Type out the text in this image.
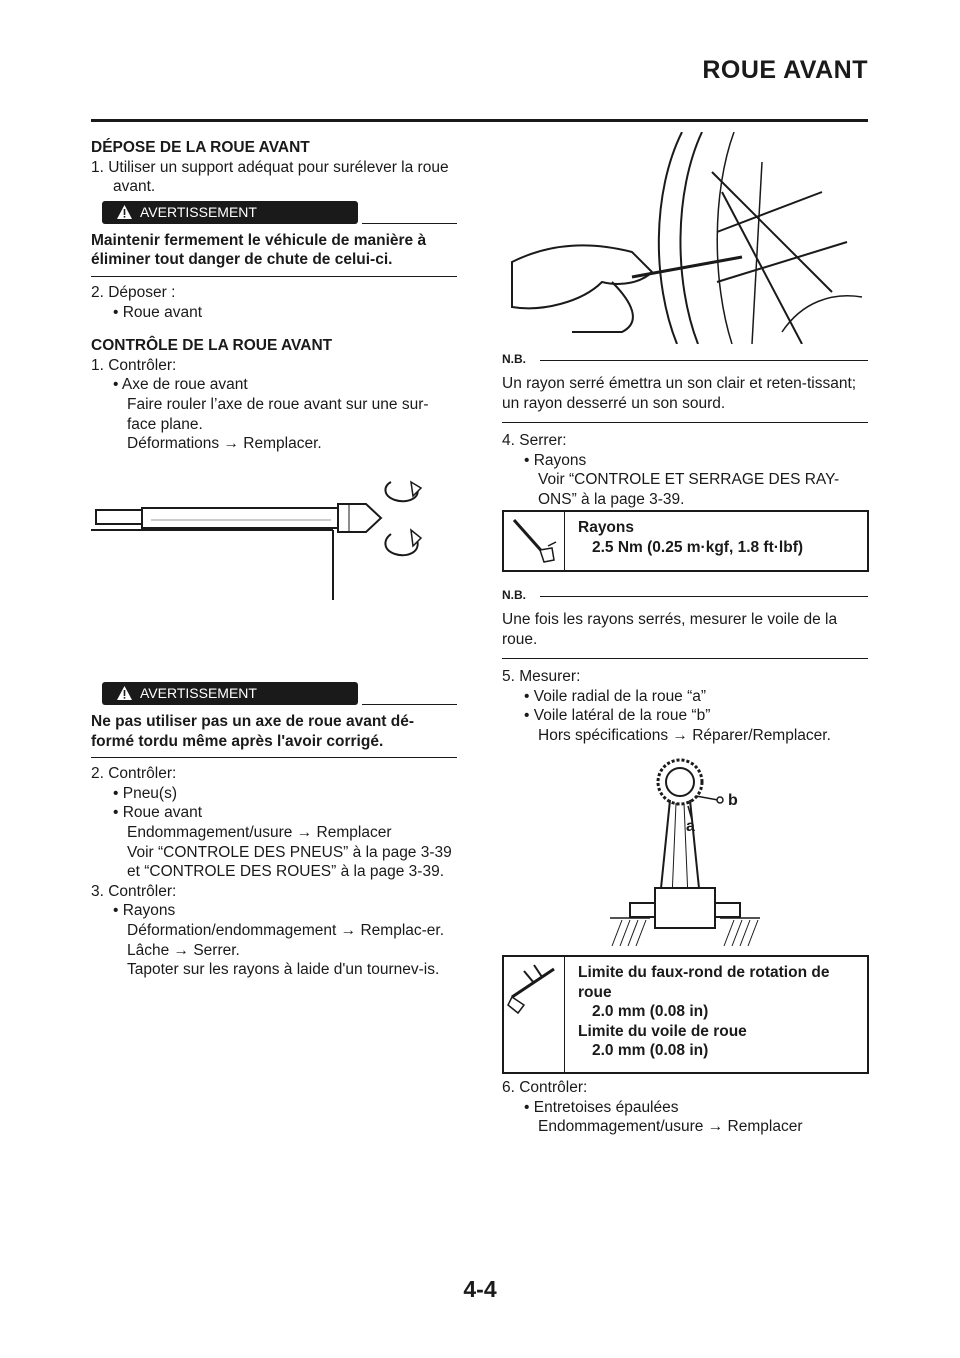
ROUE AVANT
DÉPOSE DE LA ROUE AVANT
1. Utiliser un support adéquat pour surélever la roue avant.
AVERTISSEMENT
Maintenir fermement le véhicule de manière à éliminer tout danger de chute de celui-ci.
2. Déposer :
• Roue avant
CONTRÔLE DE LA ROUE AVANT
1. Contrôler:
• Axe de roue avant
Faire rouler l’axe de roue avant sur une sur-face plane.
Déformations → Remplacer.
AVERTISSEMENT
Ne pas utiliser pas un axe de roue avant dé-formé tordu même après l'avoir corrigé.
2. Contrôler:
• Pneu(s)
• Roue avant
Endommagement/usure → Remplacer
Voir “CONTROLE DES PNEUS” à la page 3-39 et “CONTROLE DES ROUES” à la page 3-39.
3. Contrôler:
• Rayons
Déformation/endommagement → Remplac-er.
Lâche → Serrer.
Tapoter sur les rayons à laide d'un tournev-is.
N.B.
Un rayon serré émettra un son clair et reten-tissant; un rayon desserré un son sourd.
4. Serrer:
• Rayons
Voir “CONTROLE ET SERRAGE DES RAY-ONS” à la page 3-39.
Rayons
2.5 Nm (0.25 m·kgf, 1.8 ft·lbf)
N.B.
Une fois les rayons serrés, mesurer le voile de la roue.
5. Mesurer:
• Voile radial de la roue “a”
• Voile latéral de la roue “b”
Hors spécifications → Réparer/Remplacer.
b
a
Limite du faux-rond de rotation de roue
2.0 mm (0.08 in)
Limite du voile de roue
2.0 mm (0.08 in)
6. Contrôler:
• Entretoises épaulées
Endommagement/usure → Remplacer
4-4
